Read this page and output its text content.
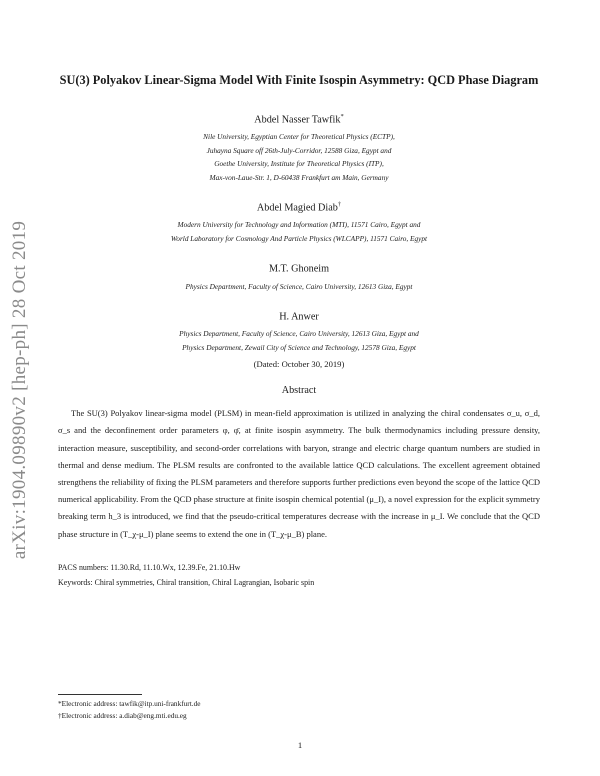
arXiv:1904.09890v2 [hep-ph] 28 Oct 2019
SU(3) Polyakov Linear-Sigma Model With Finite Isospin Asymmetry: QCD Phase Diagram
Abdel Nasser Tawfik*
Nile University, Egyptian Center for Theoretical Physics (ECTP),
Juhayna Square off 26th-July-Corridor, 12588 Giza, Egypt and
Goethe University, Institute for Theoretical Physics (ITP),
Max-von-Laue-Str. 1, D-60438 Frankfurt am Main, Germany
Abdel Magied Diab†
Modern University for Technology and Information (MTI), 11571 Cairo, Egypt and
World Laboratory for Cosmology And Particle Physics (WLCAPP), 11571 Cairo, Egypt
M.T. Ghoneim
Physics Department, Faculty of Science, Cairo University, 12613 Giza, Egypt
H. Anwer
Physics Department, Faculty of Science, Cairo University, 12613 Giza, Egypt and
Physics Department, Zewail City of Science and Technology, 12578 Giza, Egypt
(Dated: October 30, 2019)
Abstract

The SU(3) Polyakov linear-sigma model (PLSM) in mean-field approximation is utilized in analyzing the chiral condensates σ_u, σ_d, σ_s and the deconfinement order parameters φ, φ̄, at finite isospin asymmetry. The bulk thermodynamics including pressure density, interaction measure, susceptibility, and second-order correlations with baryon, strange and electric charge quantum numbers are studied in thermal and dense medium. The PLSM results are confronted to the available lattice QCD calculations. The excellent agreement obtained strengthens the reliability of fixing the PLSM parameters and therefore supports further predictions even beyond the scope of the lattice QCD numerical applicability. From the QCD phase structure at finite isospin chemical potential (μ_I), a novel expression for the explicit symmetry breaking term h_3 is introduced, we find that the pseudo-critical temperatures decrease with the increase in μ_I. We conclude that the QCD phase structure in (T_χ-μ_I) plane seems to extend the one in (T_χ-μ_B) plane.

PACS numbers: 11.30.Rd, 11.10.Wx, 12.39.Fe, 21.10.Hw
Keywords: Chiral symmetries, Chiral transition, Chiral Lagrangian, Isobaric spin
*Electronic address: tawfik@itp.uni-frankfurt.de
†Electronic address: a.diab@eng.mti.edu.eg
1
